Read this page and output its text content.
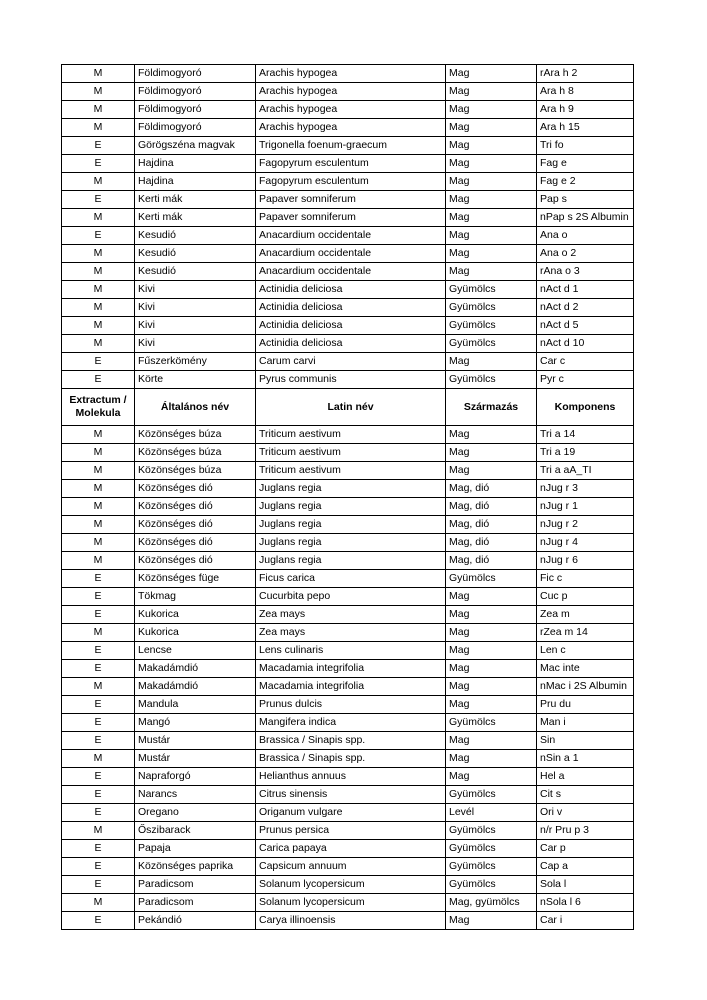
M	Földimogyoró	Arachis hypogea	Mag	rAra h 2
M	Földimogyoró	Arachis hypogea	Mag	Ara h 8
M	Földimogyoró	Arachis hypogea	Mag	Ara h 9
M	Földimogyoró	Arachis hypogea	Mag	Ara h 15
E	Görögszéna magvak	Trigonella foenum-graecum	Mag	Tri fo
E	Hajdina	Fagopyrum esculentum	Mag	Fag e
M	Hajdina	Fagopyrum esculentum	Mag	Fag e 2
E	Kerti mák	Papaver somniferum	Mag	Pap s
M	Kerti mák	Papaver somniferum	Mag	nPap s 2S Albumin
E	Kesudió	Anacardium occidentale	Mag	Ana o
M	Kesudió	Anacardium occidentale	Mag	Ana o 2
M	Kesudió	Anacardium occidentale	Mag	rAna o 3
M	Kivi	Actinidia deliciosa	Gyümölcs	nAct d 1
M	Kivi	Actinidia deliciosa	Gyümölcs	nAct d 2
M	Kivi	Actinidia deliciosa	Gyümölcs	nAct d 5
M	Kivi	Actinidia deliciosa	Gyümölcs	nAct d 10
E	Fűszerkömény	Carum carvi	Mag	Car c
E	Körte	Pyrus communis	Gyümölcs	Pyr c
Extractum / Molekula	Általános név	Latin név	Származás	Komponens
M	Közönséges búza	Triticum aestivum	Mag	Tri a 14
M	Közönséges búza	Triticum aestivum	Mag	Tri a 19
M	Közönséges búza	Triticum aestivum	Mag	Tri a aA_TI
M	Közönséges dió	Juglans regia	Mag, dió	nJug r 3
M	Közönséges dió	Juglans regia	Mag, dió	nJug r 1
M	Közönséges dió	Juglans regia	Mag, dió	nJug r 2
M	Közönséges dió	Juglans regia	Mag, dió	nJug r 4
M	Közönséges dió	Juglans regia	Mag, dió	nJug r 6
E	Közönséges füge	Ficus carica	Gyümölcs	Fic c
E	Tökmag	Cucurbita pepo	Mag	Cuc p
E	Kukorica	Zea mays	Mag	Zea m
M	Kukorica	Zea mays	Mag	rZea m 14
E	Lencse	Lens culinaris	Mag	Len c
E	Makadámdió	Macadamia integrifolia	Mag	Mac inte
M	Makadámdió	Macadamia integrifolia	Mag	nMac i 2S Albumin
E	Mandula	Prunus dulcis	Mag	Pru du
E	Mangó	Mangifera indica	Gyümölcs	Man i
E	Mustár	Brassica / Sinapis spp.	Mag	Sin
M	Mustár	Brassica / Sinapis spp.	Mag	nSin a 1
E	Napraforgó	Helianthus annuus	Mag	Hel a
E	Narancs	Citrus sinensis	Gyümölcs	Cit s
E	Oregano	Origanum vulgare	Levél	Ori v
M	Őszibarack	Prunus persica	Gyümölcs	n/r Pru p 3
E	Papaja	Carica papaya	Gyümölcs	Car p
E	Közönséges paprika	Capsicum annuum	Gyümölcs	Cap a
E	Paradicsom	Solanum lycopersicum	Gyümölcs	Sola l
M	Paradicsom	Solanum lycopersicum	Mag, gyümölcs	nSola l 6
E	Pekándió	Carya illinoensis	Mag	Car i
